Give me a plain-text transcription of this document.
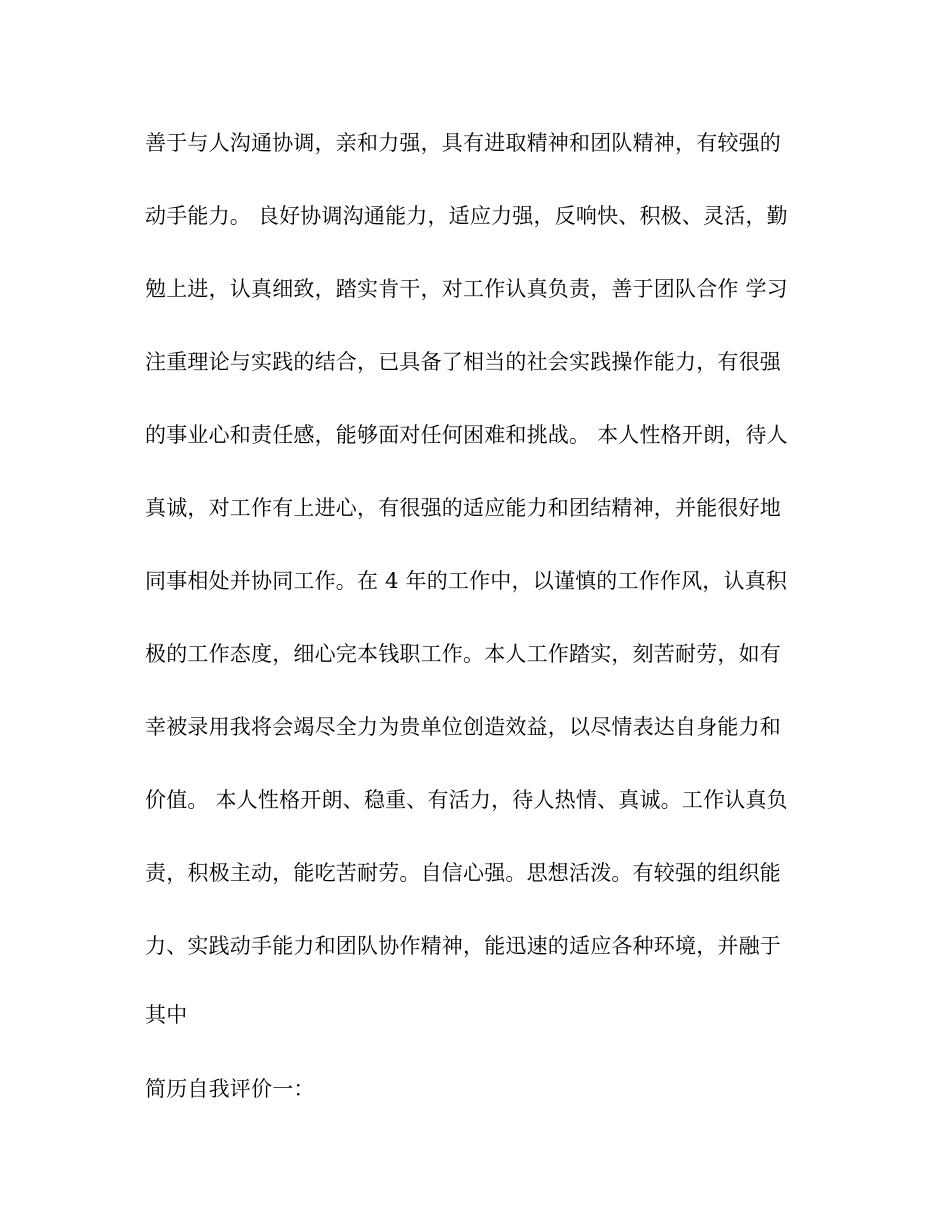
善于与人沟通协调，亲和力强，具有进取精神和团队精神，有较强的
动手能力。 良好协调沟通能力，适应力强，反响快、积极、灵活，勤
勉上进，认真细致，踏实肯干，对工作认真负责，善于团队合作 学习
注重理论与实践的结合，已具备了相当的社会实践操作能力，有很强
的事业心和责任感，能够面对任何困难和挑战。 本人性格开朗，待人
真诚，对工作有上进心，有很强的适应能力和团结精神，并能很好地
同事相处并协同工作。在 4 年的工作中，以谨慎的工作作风，认真积
极的工作态度，细心完本钱职工作。本人工作踏实，刻苦耐劳，如有
幸被录用我将会竭尽全力为贵单位创造效益，以尽情表达自身能力和
价值。 本人性格开朗、稳重、有活力，待人热情、真诚。工作认真负
责，积极主动，能吃苦耐劳。自信心强。思想活泼。有较强的组织能
力、实践动手能力和团队协作精神，能迅速的适应各种环境，并融于
其中
简历自我评价一：
